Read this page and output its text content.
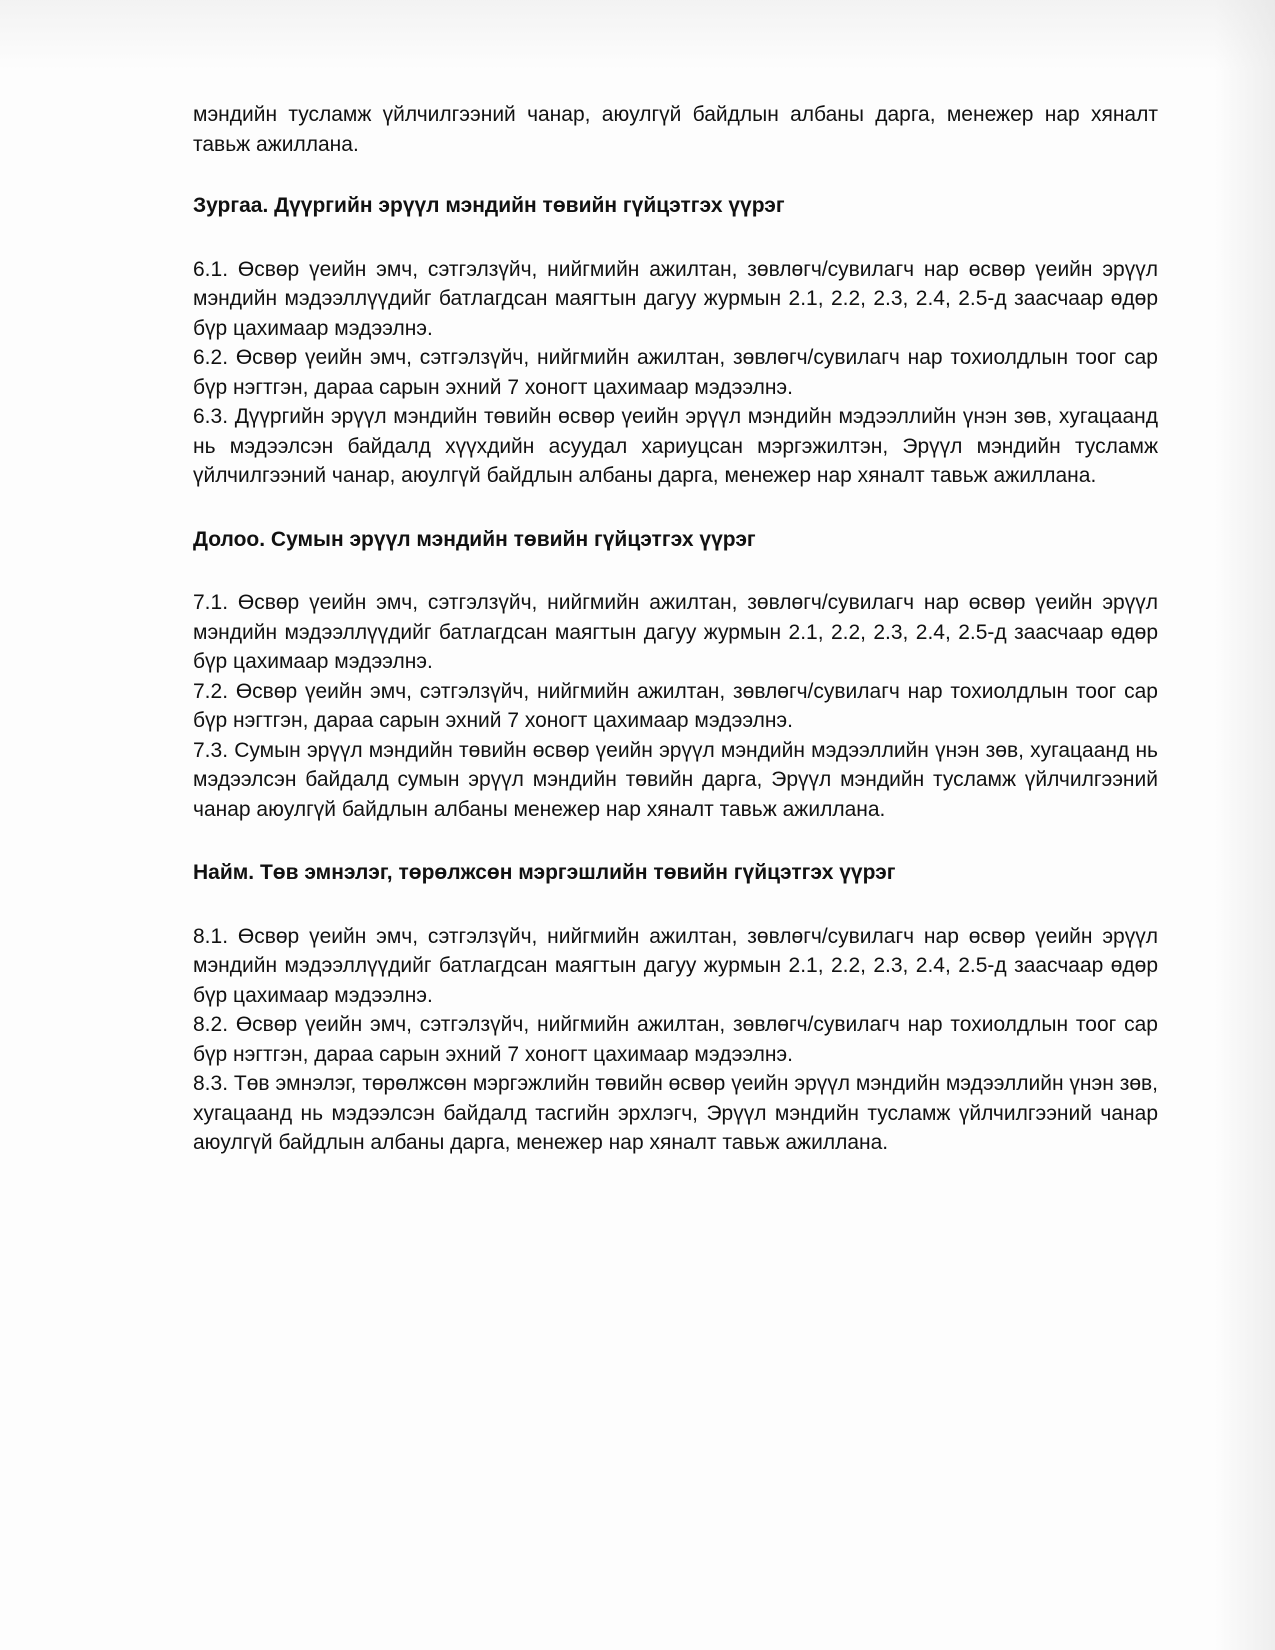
мэндийн тусламж үйлчилгээний чанар, аюулгүй байдлын албаны дарга, менежер нар хяналт тавьж ажиллана.

Зургаа. Дүүргийн эрүүл мэндийн төвийн гүйцэтгэх үүрэг

6.1. Өсвөр үеийн эмч, сэтгэлзүйч, нийгмийн ажилтан, зөвлөгч/сувилагч нар өсвөр үеийн эрүүл мэндийн мэдээллүүдийг батлагдсан маягтын дагуу журмын 2.1, 2.2, 2.3, 2.4, 2.5-д заасчаар өдөр бүр цахимаар мэдээлнэ.

6.2. Өсвөр үеийн эмч, сэтгэлзүйч, нийгмийн ажилтан, зөвлөгч/сувилагч нар тохиолдлын тоог сар бүр нэгтгэн, дараа сарын эхний 7 хоногт цахимаар мэдээлнэ.

6.3. Дүүргийн эрүүл мэндийн төвийн өсвөр үеийн эрүүл мэндийн мэдээллийн үнэн зөв, хугацаанд нь мэдээлсэн байдалд хүүхдийн асуудал хариуцсан мэргэжилтэн, Эрүүл мэндийн тусламж үйлчилгээний чанар, аюулгүй байдлын албаны дарга, менежер нар хяналт тавьж ажиллана.

Долоо. Сумын эрүүл мэндийн төвийн гүйцэтгэх үүрэг

7.1. Өсвөр үеийн эмч, сэтгэлзүйч, нийгмийн ажилтан, зөвлөгч/сувилагч нар өсвөр үеийн эрүүл мэндийн мэдээллүүдийг батлагдсан маягтын дагуу журмын 2.1, 2.2, 2.3, 2.4, 2.5-д заасчаар өдөр бүр цахимаар мэдээлнэ.

7.2. Өсвөр үеийн эмч, сэтгэлзүйч, нийгмийн ажилтан, зөвлөгч/сувилагч нар тохиолдлын тоог сар бүр нэгтгэн, дараа сарын эхний 7 хоногт цахимаар мэдээлнэ.

7.3. Сумын эрүүл мэндийн төвийн өсвөр үеийн эрүүл мэндийн мэдээллийн үнэн зөв, хугацаанд нь мэдээлсэн байдалд сумын эрүүл мэндийн төвийн дарга, Эрүүл мэндийн тусламж үйлчилгээний чанар аюулгүй байдлын албаны менежер нар хяналт тавьж ажиллана.

Найм. Төв эмнэлэг, төрөлжсөн мэргэшлийн төвийн гүйцэтгэх үүрэг

8.1. Өсвөр үеийн эмч, сэтгэлзүйч, нийгмийн ажилтан, зөвлөгч/сувилагч нар өсвөр үеийн эрүүл мэндийн мэдээллүүдийг батлагдсан маягтын дагуу журмын 2.1, 2.2, 2.3, 2.4, 2.5-д заасчаар өдөр бүр цахимаар мэдээлнэ.

8.2. Өсвөр үеийн эмч, сэтгэлзүйч, нийгмийн ажилтан, зөвлөгч/сувилагч нар тохиолдлын тоог сар бүр нэгтгэн, дараа сарын эхний 7 хоногт цахимаар мэдээлнэ.

8.3. Төв эмнэлэг, төрөлжсөн мэргэжлийн төвийн өсвөр үеийн эрүүл мэндийн мэдээллийн үнэн зөв, хугацаанд нь мэдээлсэн байдалд тасгийн эрхлэгч, Эрүүл мэндийн тусламж үйлчилгээний чанар аюулгүй байдлын албаны дарга, менежер нар хяналт тавьж ажиллана.
